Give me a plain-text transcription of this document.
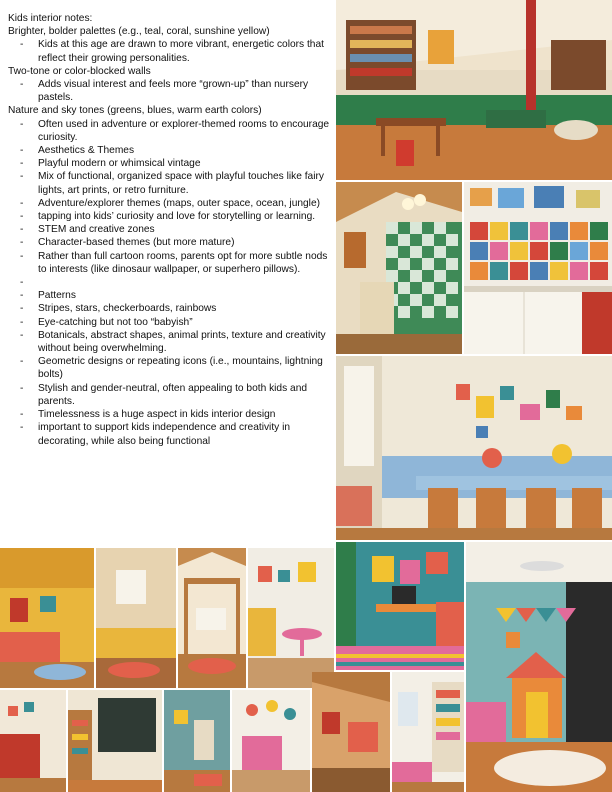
Kids interior notes:
Brighter, bolder palettes (e.g., teal, coral, sunshine yellow)
- Kids at this age are drawn to more vibrant, energetic colors that reflect their growing personalities.
Two-tone or color-blocked walls
- Adds visual interest and feels more “grown-up” than nursery pastels.
Nature and sky tones (greens, blues, warm earth colors)
- Often used in adventure or explorer-themed rooms to encourage curiosity.
- Aesthetics & Themes
- Playful modern or whimsical vintage
- Mix of functional, organized space with playful touches like fairy lights, art prints, or retro furniture.
- Adventure/explorer themes (maps, outer space, ocean, jungle)
- tapping into kids’ curiosity and love for storytelling or learning.
- STEM and creative zones
- Character-based themes (but more mature)
- Rather than full cartoon rooms, parents opt for more subtle nods to interests (like dinosaur wallpaper, or superhero pillows).
-

- Patterns
- Stripes, stars, checkerboards, rainbows
- Eye-catching but not too “babyish”
- Botanicals, abstract shapes, animal prints, texture and creativity without being overwhelming.
- Geometric designs or repeating icons (i.e., mountains, lightning bolts)
- Stylish and gender-neutral, often appealing to both kids and parents.
- Timelessness is a huge aspect in kids interior design
- important to support kids independence and creativity in decorating, while also being functional
